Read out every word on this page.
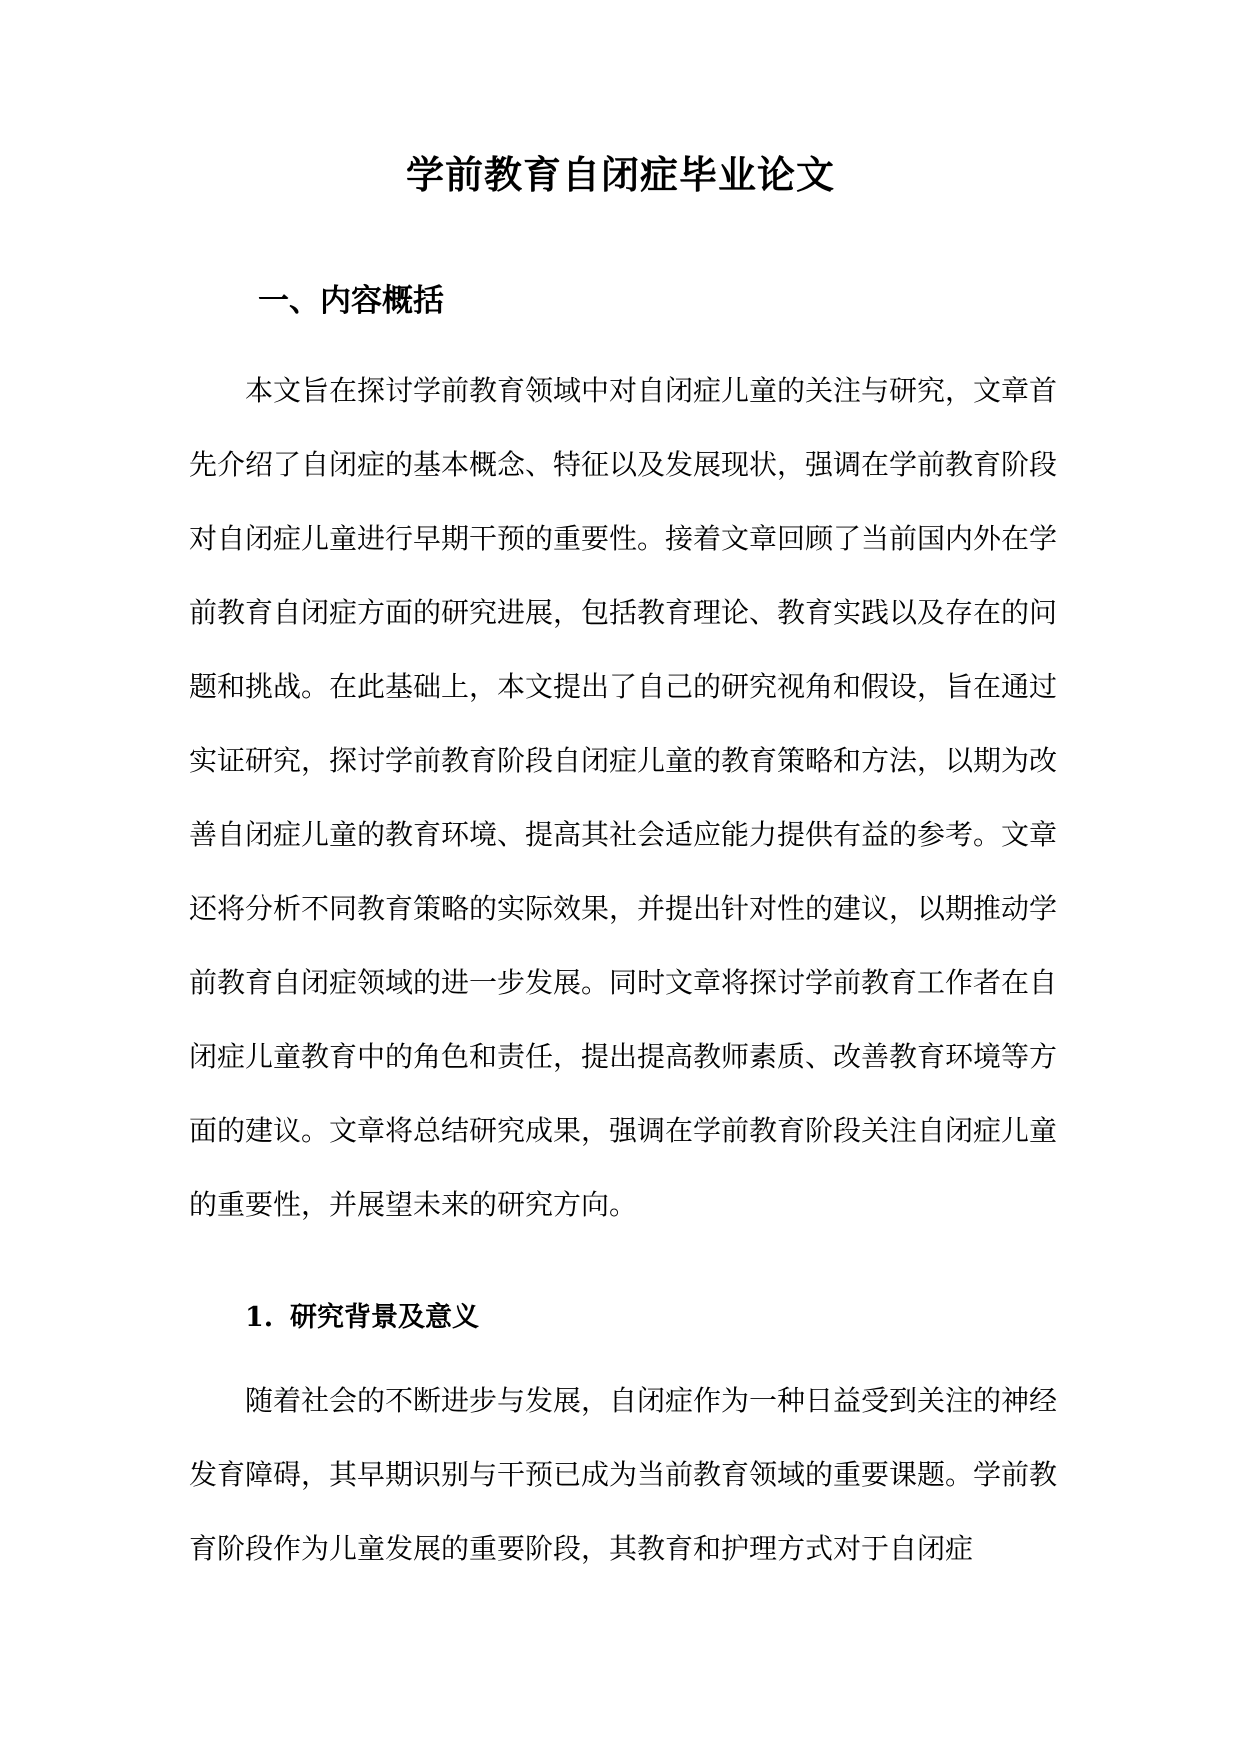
学前教育自闭症毕业论文
一、内容概括

本文旨在探讨学前教育领域中对自闭症儿童的关注与研究，文章首先介绍了自闭症的基本概念、特征以及发展现状，强调在学前教育阶段对自闭症儿童进行早期干预的重要性。接着文章回顾了当前国内外在学前教育自闭症方面的研究进展，包括教育理论、教育实践以及存在的问题和挑战。在此基础上，本文提出了自己的研究视角和假设，旨在通过实证研究，探讨学前教育阶段自闭症儿童的教育策略和方法，以期为改善自闭症儿童的教育环境、提高其社会适应能力提供有益的参考。文章还将分析不同教育策略的实际效果，并提出针对性的建议，以期推动学前教育自闭症领域的进一步发展。同时文章将探讨学前教育工作者在自闭症儿童教育中的角色和责任，提出提高教师素质、改善教育环境等方面的建议。文章将总结研究成果，强调在学前教育阶段关注自闭症儿童的重要性，并展望未来的研究方向。

1. 研究背景及意义

随着社会的不断进步与发展，自闭症作为一种日益受到关注的神经发育障碍，其早期识别与干预已成为当前教育领域的重要课题。学前教育阶段作为儿童发展的重要阶段，其教育和护理方式对于自闭症
